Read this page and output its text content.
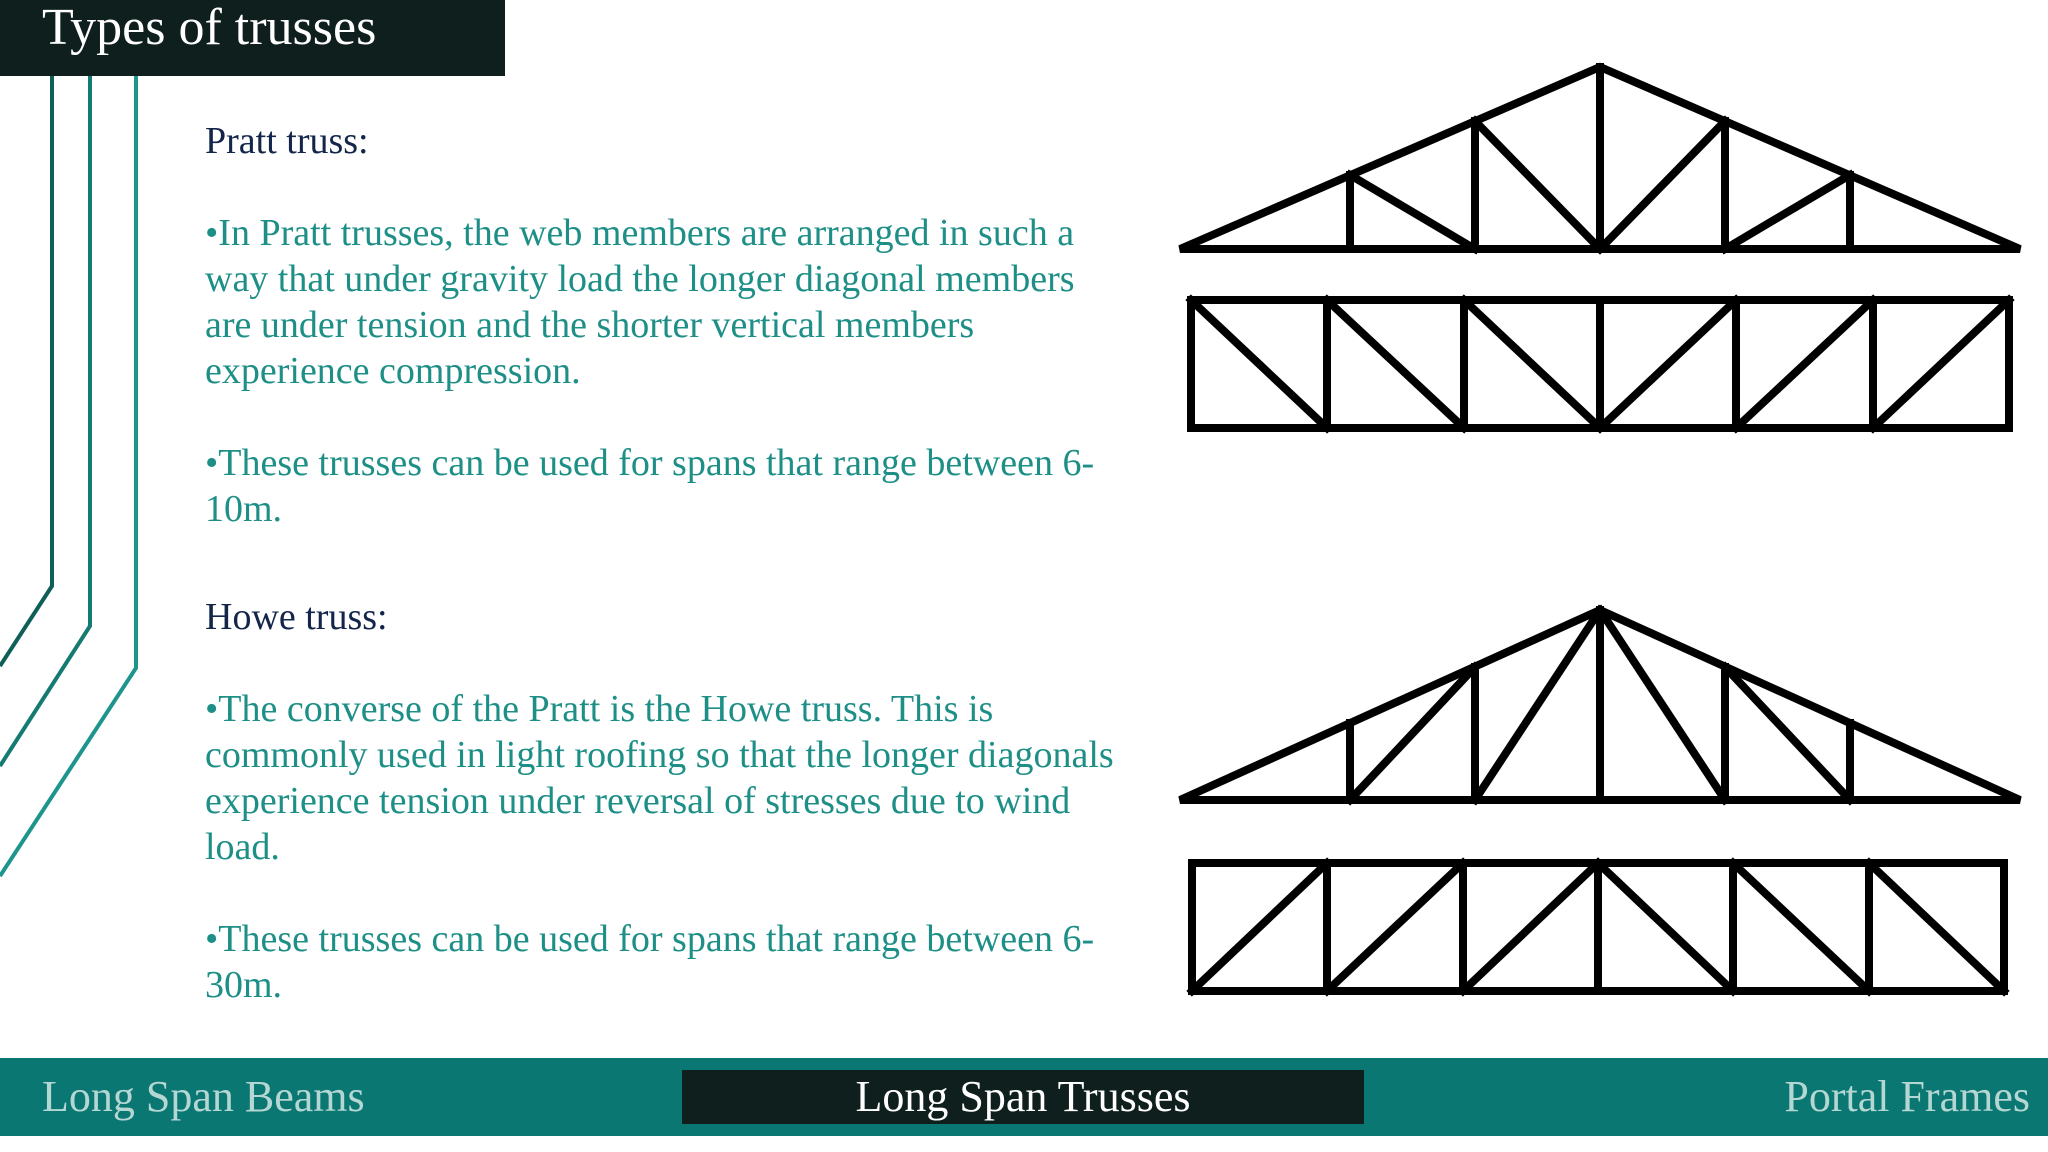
Types of trusses

Pratt truss:

•In Pratt trusses, the web members are arranged in such a way that under gravity load the longer diagonal members are under tension and the shorter vertical members experience compression.

•These trusses can be used for spans that range between 6-10m.

Howe truss:

•The converse of the Pratt is the Howe truss. This is commonly used in light roofing so that the longer diagonals experience tension under reversal of stresses due to wind load.

•These trusses can be used for spans that range between 6-30m.

Long Span Beams	Long Span Trusses	Portal Frames
